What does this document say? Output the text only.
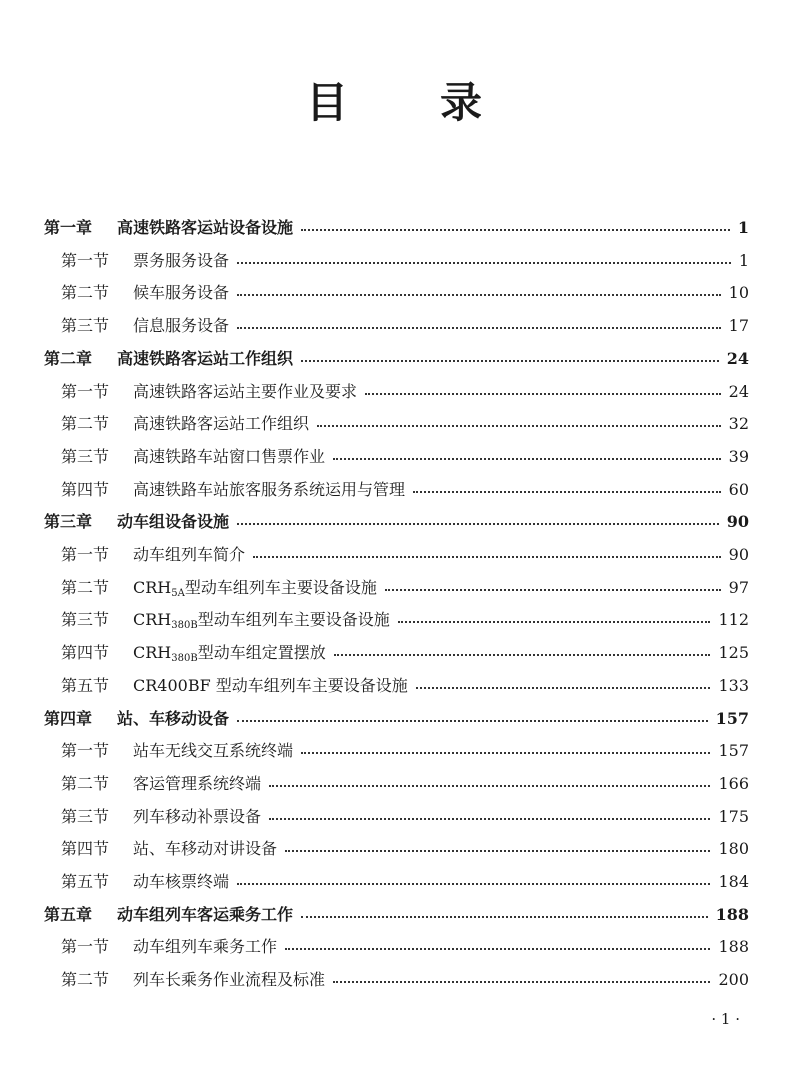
目 录
第一章 高速铁路客运站设备设施	1
第一节 票务服务设备	1
第二节 候车服务设备	10
第三节 信息服务设备	17
第二章 高速铁路客运站工作组织	24
第一节 高速铁路客运站主要作业及要求	24
第二节 高速铁路客运站工作组织	32
第三节 高速铁路车站窗口售票作业	39
第四节 高速铁路车站旅客服务系统运用与管理	60
第三章 动车组设备设施	90
第一节 动车组列车简介	90
第二节 $CRH_{5A}$型动车组列车主要设备设施	97
第三节 $CRH_{380B}$型动车组列车主要设备设施	112
第四节 $CRH_{380B}$型动车组定置摆放	125
第五节 CR400BF 型动车组列车主要设备设施	133
第四章 站、车移动设备	157
第一节 站车无线交互系统终端	157
第二节 客运管理系统终端	166
第三节 列车移动补票设备	175
第四节 站、车移动对讲设备	180
第五节 动车核票终端	184
第五章 动车组列车客运乘务工作	188
第一节 动车组列车乘务工作	188
第二节 列车长乘务作业流程及标准	200
· 1 ·
